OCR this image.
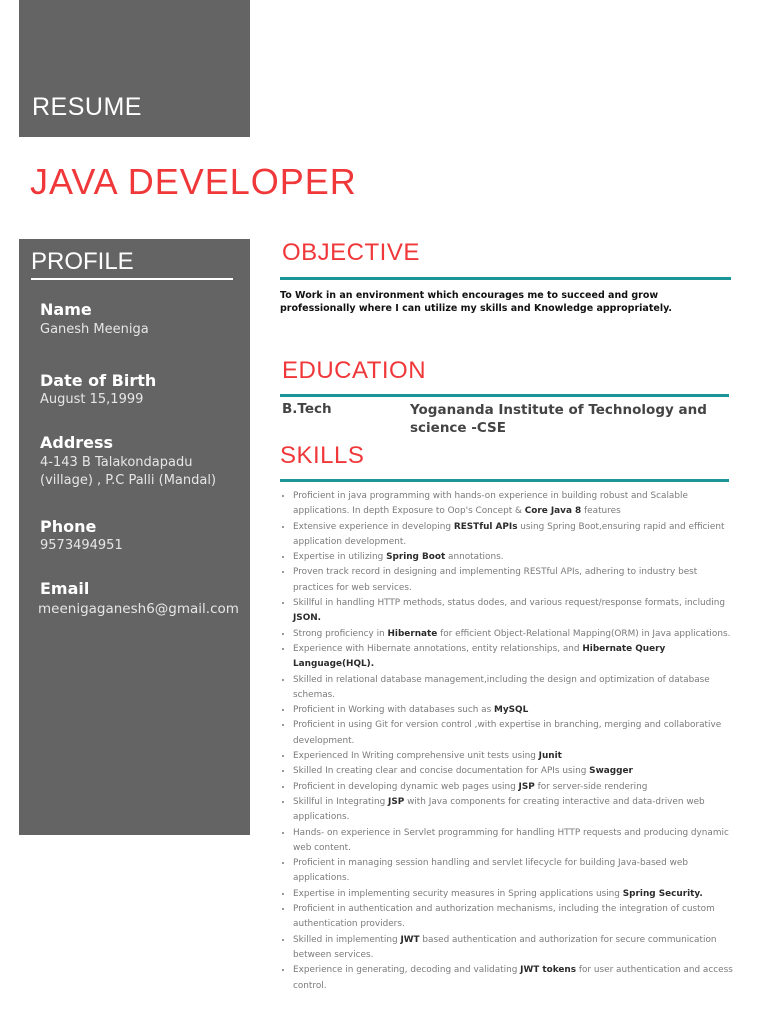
RESUME
JAVA DEVELOPER
PROFILE
Name
Ganesh Meeniga
Date of Birth
August 15,1999
Address
4-143 B Talakondapadu
(village) , P.C Palli (Mandal)
Phone
9573494951
Email
meenigaganesh6@gmail.com
OBJECTIVE
To Work in an environment which encourages me to succeed and grow professionally where I can utilize my skills and Knowledge appropriately.
EDUCATION
B.Tech	Yogananda Institute of Technology and science -CSE
SKILLS
• Proficient in java programming with hands-on experience in building robust and Scalable applications. In depth Exposure to Oop's Concept & Core Java 8 features
• Extensive experience in developing RESTful APIs using Spring Boot,ensuring rapid and efficient application development.
• Expertise in utilizing Spring Boot annotations.
• Proven track record in designing and implementing RESTful APIs, adhering to industry best practices for web services.
• Skillful in handling HTTP methods, status dodes, and various request/response formats, including JSON.
• Strong proficiency in Hibernate for efficient Object-Relational Mapping(ORM) in Java applications.
• Experience with Hibernate annotations, entity relationships, and Hibernate Query Language(HQL).
• Skilled in relational database management,including the design and optimization of database schemas.
• Proficient in Working with databases such as MySQL
• Proficient in using Git for version control ,with expertise in branching, merging and collaborative development.
• Experienced In Writing comprehensive unit tests using Junit
• Skilled In creating clear and concise documentation for APIs using Swagger
• Proficient in developing dynamic web pages using JSP for server-side rendering
• Skillful in Integrating JSP with Java components for creating interactive and data-driven web applications.
• Hands- on experience in Servlet programming for handling HTTP requests and producing dynamic web content.
• Proficient in managing session handling and servlet lifecycle for building Java-based web applications.
• Expertise in implementing security measures in Spring applications using Spring Security.
• Proficient in authentication and authorization mechanisms, including the integration of custom authentication providers.
• Skilled in implementing JWT based authentication and authorization for secure communication between services.
• Experience in generating, decoding and validating JWT tokens for user authentication and access control.
